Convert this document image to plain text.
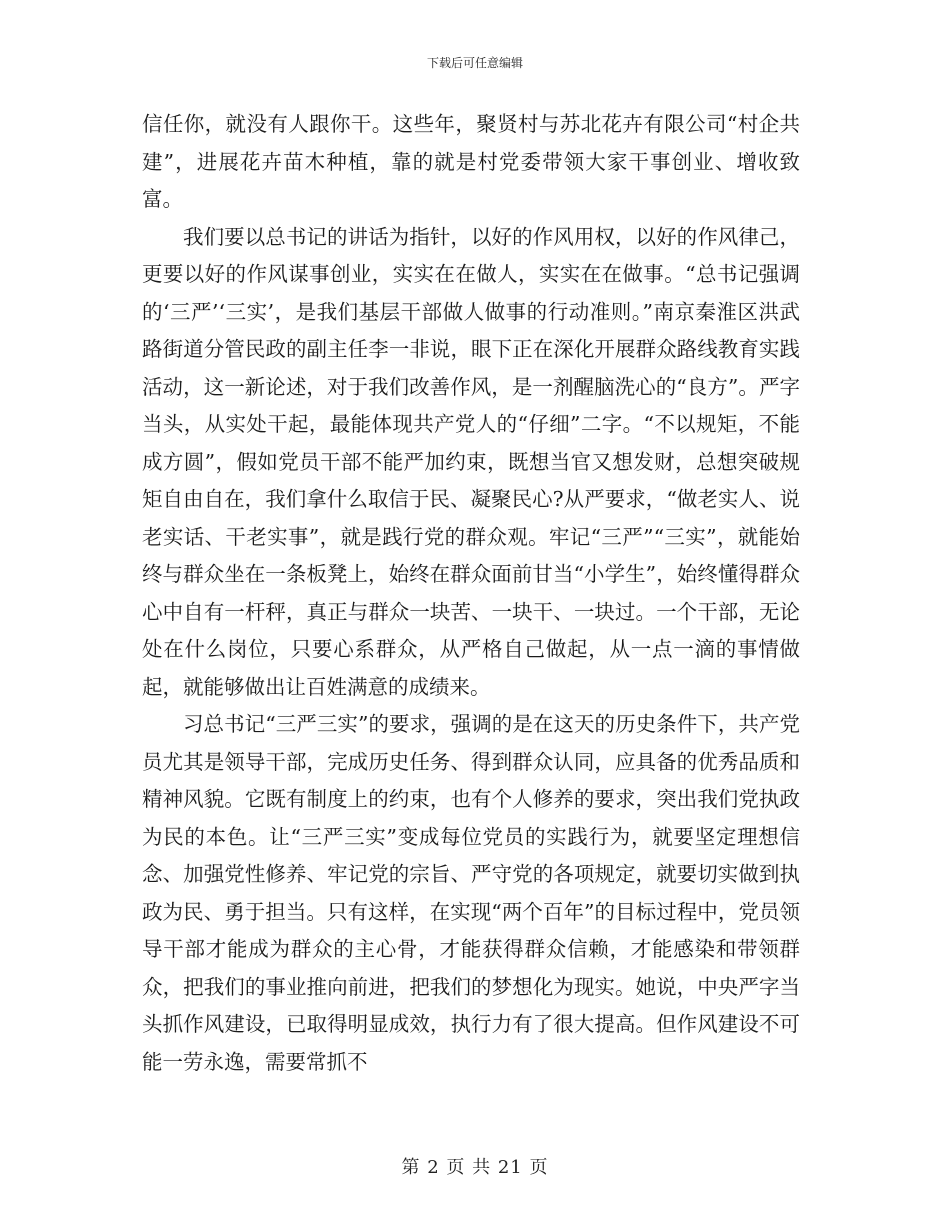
下载后可任意编辑

信任你，就没有人跟你干。这些年，聚贤村与苏北花卉有限公司“村企共建”，进展花卉苗木种植，靠的就是村党委带领大家干事创业、增收致富。

我们要以总书记的讲话为指针，以好的作风用权，以好的作风律己，更要以好的作风谋事创业，实实在在做人，实实在在做事。“总书记强调的‘三严’‘三实’，是我们基层干部做人做事的行动准则。”南京秦淮区洪武路街道分管民政的副主任李一非说，眼下正在深化开展群众路线教育实践活动，这一新论述，对于我们改善作风，是一剂醒脑洗心的“良方”。严字当头，从实处干起，最能体现共产党人的“仔细”二字。“不以规矩，不能成方圆”，假如党员干部不能严加约束，既想当官又想发财，总想突破规矩自由自在，我们拿什么取信于民、凝聚民心?从严要求，“做老实人、说老实话、干老实事”，就是践行党的群众观。牢记“三严”“三实”，就能始终与群众坐在一条板凳上，始终在群众面前甘当“小学生”，始终懂得群众心中自有一杆秤，真正与群众一块苦、一块干、一块过。一个干部，无论处在什么岗位，只要心系群众，从严格自己做起，从一点一滴的事情做起，就能够做出让百姓满意的成绩来。

习总书记“三严三实”的要求，强调的是在这天的历史条件下，共产党员尤其是领导干部，完成历史任务、得到群众认同，应具备的优秀品质和精神风貌。它既有制度上的约束，也有个人修养的要求，突出我们党执政为民的本色。让“三严三实”变成每位党员的实践行为，就要坚定理想信念、加强党性修养、牢记党的宗旨、严守党的各项规定，就要切实做到执政为民、勇于担当。只有这样，在实现“两个百年”的目标过程中，党员领导干部才能成为群众的主心骨，才能获得群众信赖，才能感染和带领群众，把我们的事业推向前进，把我们的梦想化为现实。她说，中央严字当头抓作风建设，已取得明显成效，执行力有了很大提高。但作风建设不可能一劳永逸，需要常抓不

第 2 页 共 21 页
